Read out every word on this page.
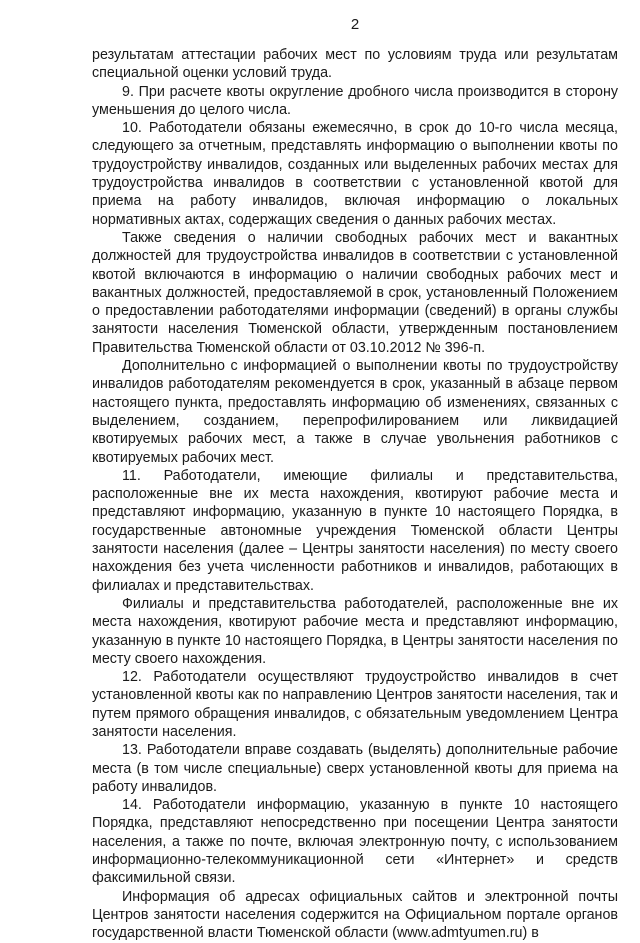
2

результатам аттестации рабочих мест по условиям труда или результатам специальной оценки условий труда.

9. При расчете квоты округление дробного числа производится в сторону уменьшения до целого числа.

10. Работодатели обязаны ежемесячно, в срок до 10-го числа месяца, следующего за отчетным, представлять информацию о выполнении квоты по трудоустройству инвалидов, созданных или выделенных рабочих местах для трудоустройства инвалидов в соответствии с установленной квотой для приема на работу инвалидов, включая информацию о локальных нормативных актах, содержащих сведения о данных рабочих местах.

Также сведения о наличии свободных рабочих мест и вакантных должностей для трудоустройства инвалидов в соответствии с установленной квотой включаются в информацию о наличии свободных рабочих мест и вакантных должностей, предоставляемой в срок, установленный Положением о предоставлении работодателями информации (сведений) в органы службы занятости населения Тюменской области, утвержденным постановлением Правительства Тюменской области от 03.10.2012 № 396-п.

Дополнительно с информацией о выполнении квоты по трудоустройству инвалидов работодателям рекомендуется в срок, указанный в абзаце первом настоящего пункта, предоставлять информацию об изменениях, связанных с выделением, созданием, перепрофилированием или ликвидацией квотируемых рабочих мест, а также в случае увольнения работников с квотируемых рабочих мест.

11. Работодатели, имеющие филиалы и представительства, расположенные вне их места нахождения, квотируют рабочие места и представляют информацию, указанную в пункте 10 настоящего Порядка, в государственные автономные учреждения Тюменской области Центры занятости населения (далее – Центры занятости населения) по месту своего нахождения без учета численности работников и инвалидов, работающих в филиалах и представительствах.

Филиалы и представительства работодателей, расположенные вне их места нахождения, квотируют рабочие места и представляют информацию, указанную в пункте 10 настоящего Порядка, в Центры занятости населения по месту своего нахождения.

12. Работодатели осуществляют трудоустройство инвалидов в счет установленной квоты как по направлению Центров занятости населения, так и путем прямого обращения инвалидов, с обязательным уведомлением Центра занятости населения.

13. Работодатели вправе создавать (выделять) дополнительные рабочие места (в том числе специальные) сверх установленной квоты для приема на работу инвалидов.

14. Работодатели информацию, указанную в пункте 10 настоящего Порядка, представляют непосредственно при посещении Центра занятости населения, а также по почте, включая электронную почту, с использованием информационно-телекоммуникационной сети «Интернет» и средств факсимильной связи.

Информация об адресах официальных сайтов и электронной почты Центров занятости населения содержится на Официальном портале органов государственной власти Тюменской области (www.admtyumen.ru) в
